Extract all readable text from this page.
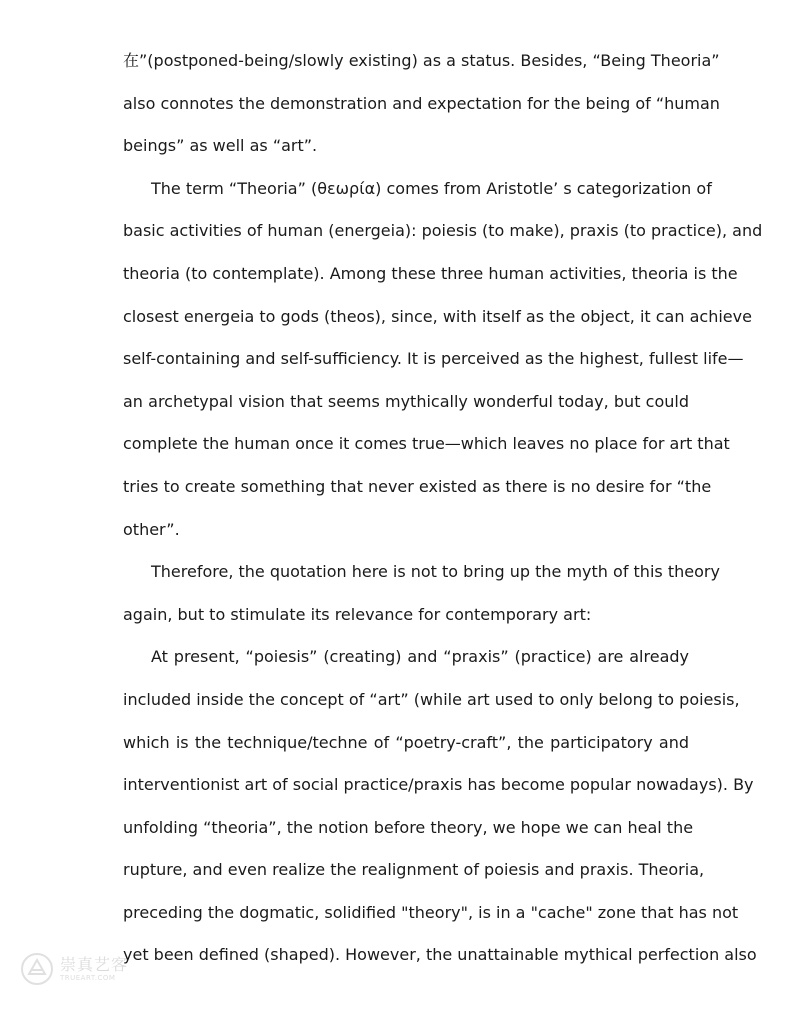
在”(postponed-being/slowly existing) as a status. Besides, “Being Theoria”

also connotes the demonstration and expectation for the being of “human

beings” as well as “art”.

The term “Theoria” (θεωρία) comes from Aristotle’ s categorization of

basic activities of human (energeia): poiesis (to make), praxis (to practice), and

theoria (to contemplate). Among these three human activities, theoria is the

closest energeia to gods (theos), since, with itself as the object, it can achieve

self-containing and self-sufficiency. It is perceived as the highest, fullest life—

an archetypal vision that seems mythically wonderful today, but could

complete the human once it comes true—which leaves no place for art that

tries to create something that never existed as there is no desire for “the

other”.

Therefore, the quotation here is not to bring up the myth of this theory

again, but to stimulate its relevance for contemporary art:

At present, “poiesis” (creating) and “praxis” (practice) are already

included inside the concept of “art” (while art used to only belong to poiesis,

which is the technique/techne of “poetry-craft”, the participatory and

interventionist art of social practice/praxis has become popular nowadays). By

unfolding “theoria”, the notion before theory, we hope we can heal the

rupture, and even realize the realignment of poiesis and praxis. Theoria,

preceding the dogmatic, solidified "theory", is in a "cache" zone that has not

yet been defined (shaped). However, the unattainable mythical perfection also

崇真艺客
TRUEART.COM
